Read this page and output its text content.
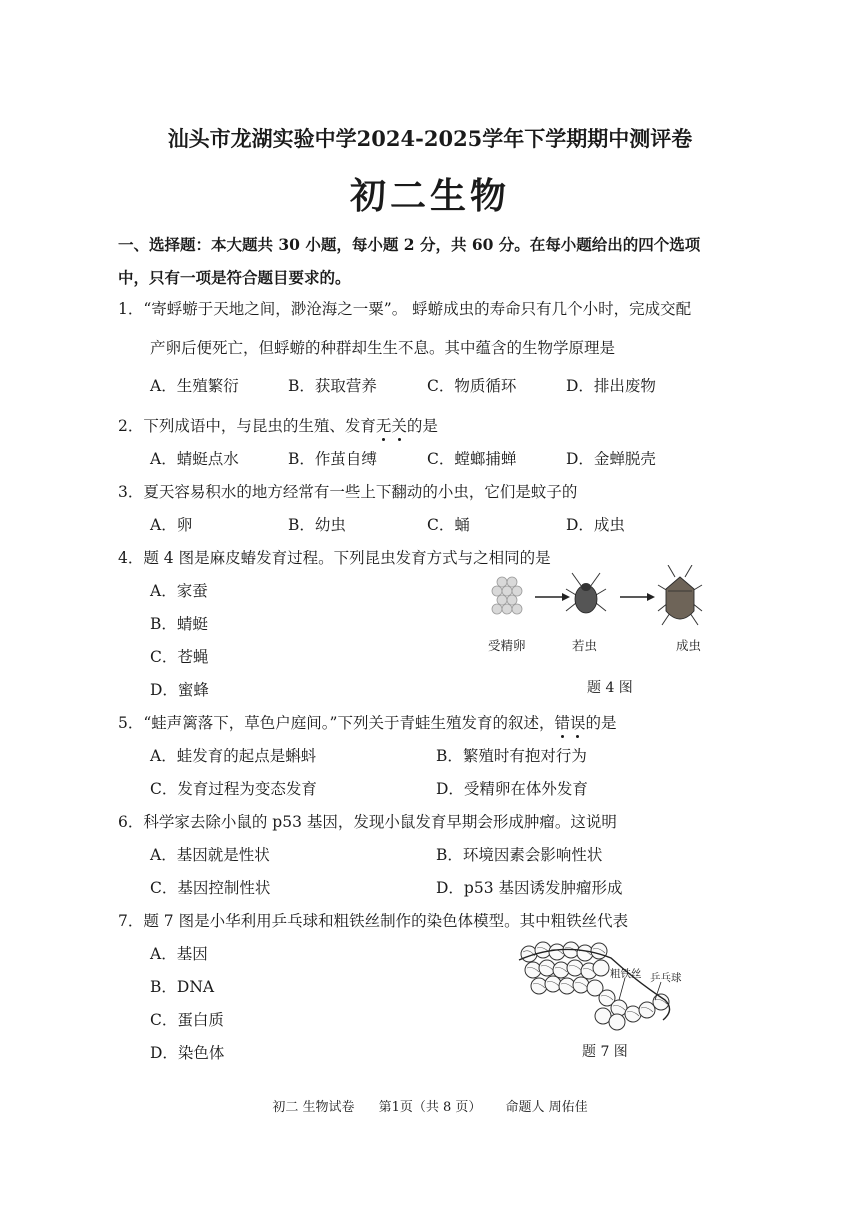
汕头市龙湖实验中学2024-2025学年下学期期中测评卷
初二生物
一、选择题：本大题共 30 小题，每小题 2 分，共 60 分。在每小题给出的四个选项
中，只有一项是符合题目要求的。
1．“寄蜉蝣于天地之间，渺沧海之一粟”。 蜉蝣成虫的寿命只有几个小时，完成交配
产卵后便死亡，但蜉蝣的种群却生生不息。其中蕴含的生物学原理是
A．生殖繁衍	B．获取营养	C．物质循环	D．排出废物
2．下列成语中，与昆虫的生殖、发育无关的是
A．蜻蜓点水	B．作茧自缚	C．螳螂捕蝉	D．金蝉脱壳
3．夏天容易积水的地方经常有一些上下翻动的小虫，它们是蚊子的
A．卵	B．幼虫	C．蛹	D．成虫
4．题 4 图是麻皮蝽发育过程。下列昆虫发育方式与之相同的是
A．家蚕
B．蜻蜓
C．苍蝇
D．蜜蜂
受精卵	若虫	成虫
题 4 图
5．“蛙声篱落下，草色户庭间。”下列关于青蛙生殖发育的叙述，错误的是
A．蛙发育的起点是蝌蚪	B．繁殖时有抱对行为
C．发育过程为变态发育	D．受精卵在体外发育
6．科学家去除小鼠的 p53 基因，发现小鼠发育早期会形成肿瘤。这说明
A．基因就是性状	B．环境因素会影响性状
C．基因控制性状	D．p53 基因诱发肿瘤形成
7．题 7 图是小华利用乒乓球和粗铁丝制作的染色体模型。其中粗铁丝代表
A．基因
B．DNA
C．蛋白质
D．染色体
粗铁丝 乒乓球
题 7 图
初二 生物试卷 第1页（共 8 页） 命题人 周佑佳
